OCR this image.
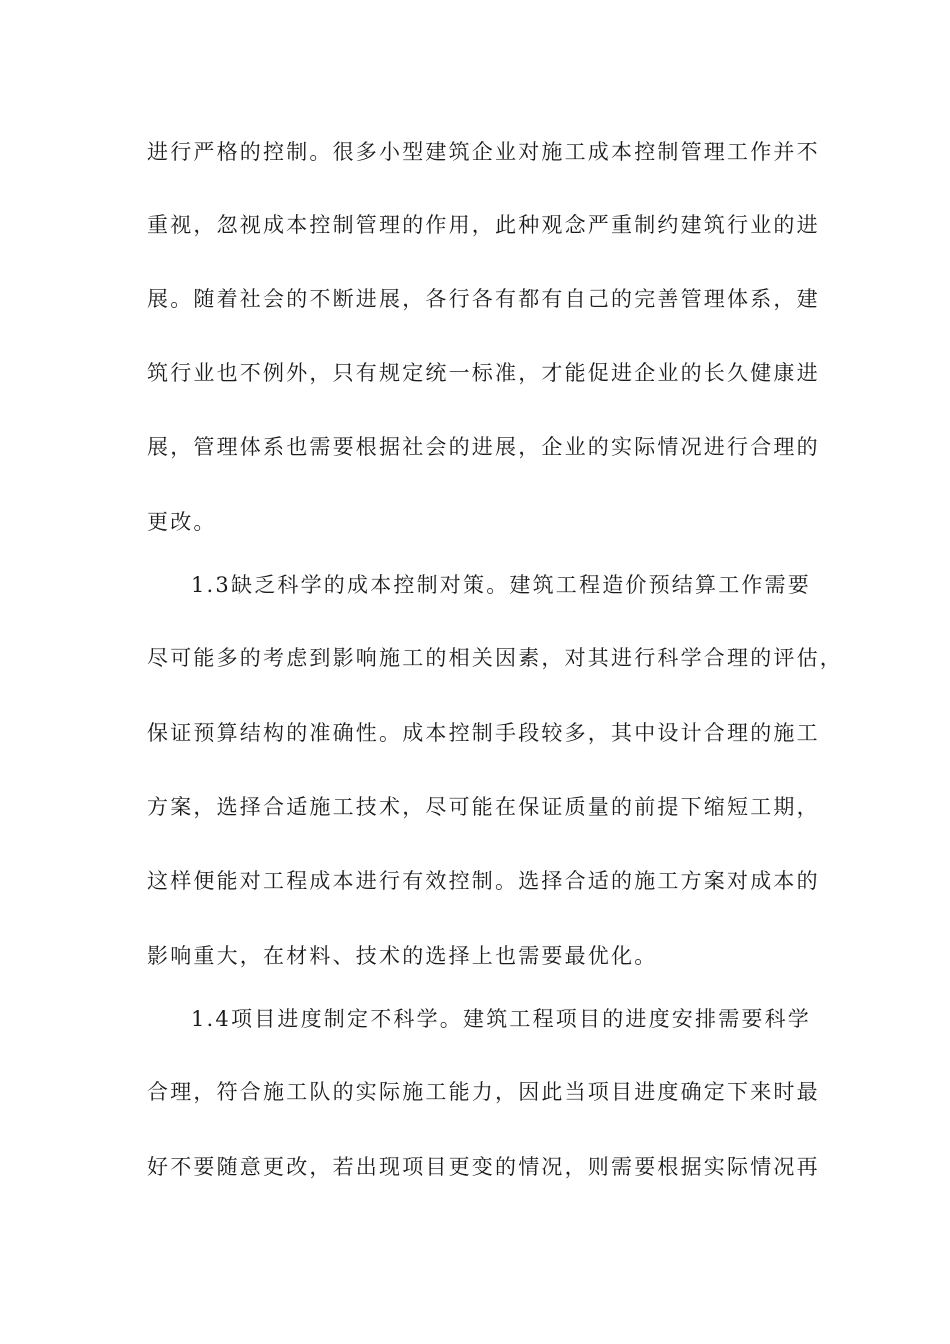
进行严格的控制。很多小型建筑企业对施工成本控制管理工作并不
重视，忽视成本控制管理的作用，此种观念严重制约建筑行业的进
展。随着社会的不断进展，各行各有都有自己的完善管理体系，建
筑行业也不例外，只有规定统一标准，才能促进企业的长久健康进
展，管理体系也需要根据社会的进展，企业的实际情况进行合理的
更改。
1.3缺乏科学的成本控制对策。建筑工程造价预结算工作需要
尽可能多的考虑到影响施工的相关因素，对其进行科学合理的评估，
保证预算结构的准确性。成本控制手段较多，其中设计合理的施工
方案，选择合适施工技术，尽可能在保证质量的前提下缩短工期，
这样便能对工程成本进行有效控制。选择合适的施工方案对成本的
影响重大，在材料、技术的选择上也需要最优化。
1.4项目进度制定不科学。建筑工程项目的进度安排需要科学
合理，符合施工队的实际施工能力，因此当项目进度确定下来时最
好不要随意更改，若出现项目更变的情况，则需要根据实际情况再
